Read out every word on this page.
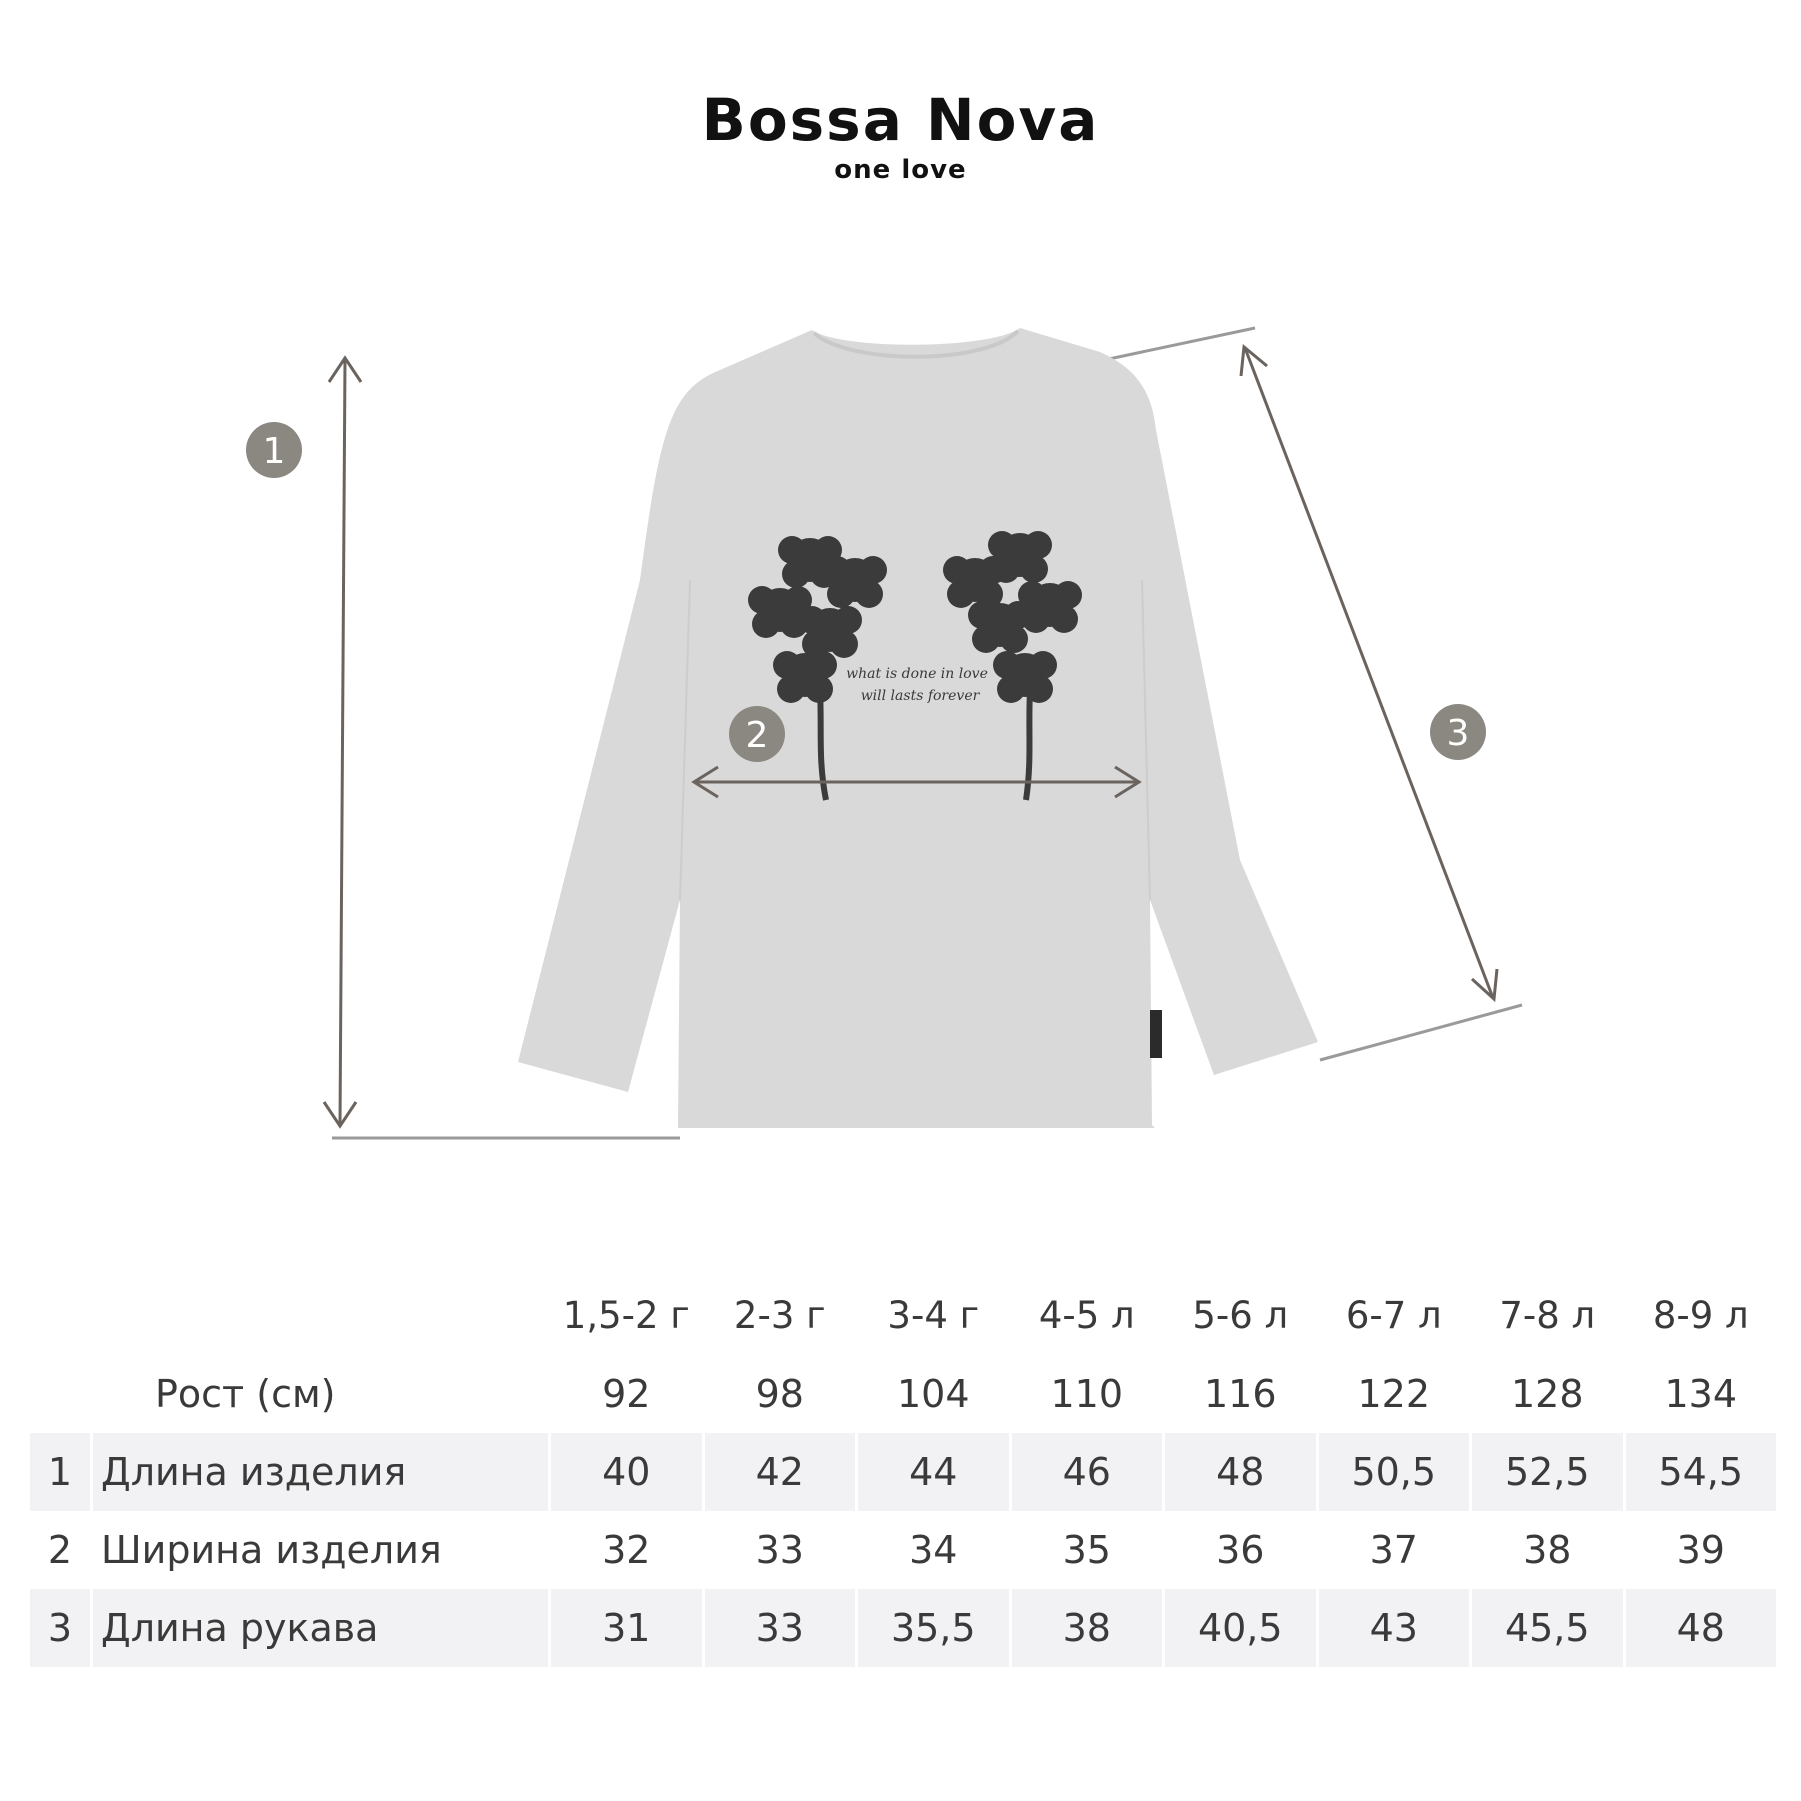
Bossa Nova
one love
what is done in love
will lasts forever
1
2	3
		1,5-2 г	2-3 г	3-4 г	4-5 л	5-6 л	6-7 л	7-8 л	8-9 л
	Рост (см)	92	98	104	110	116	122	128	134
1	Длина изделия	40	42	44	46	48	50,5	52,5	54,5
2	Ширина изделия	32	33	34	35	36	37	38	39
3	Длина рукава	31	33	35,5	38	40,5	43	45,5	48
